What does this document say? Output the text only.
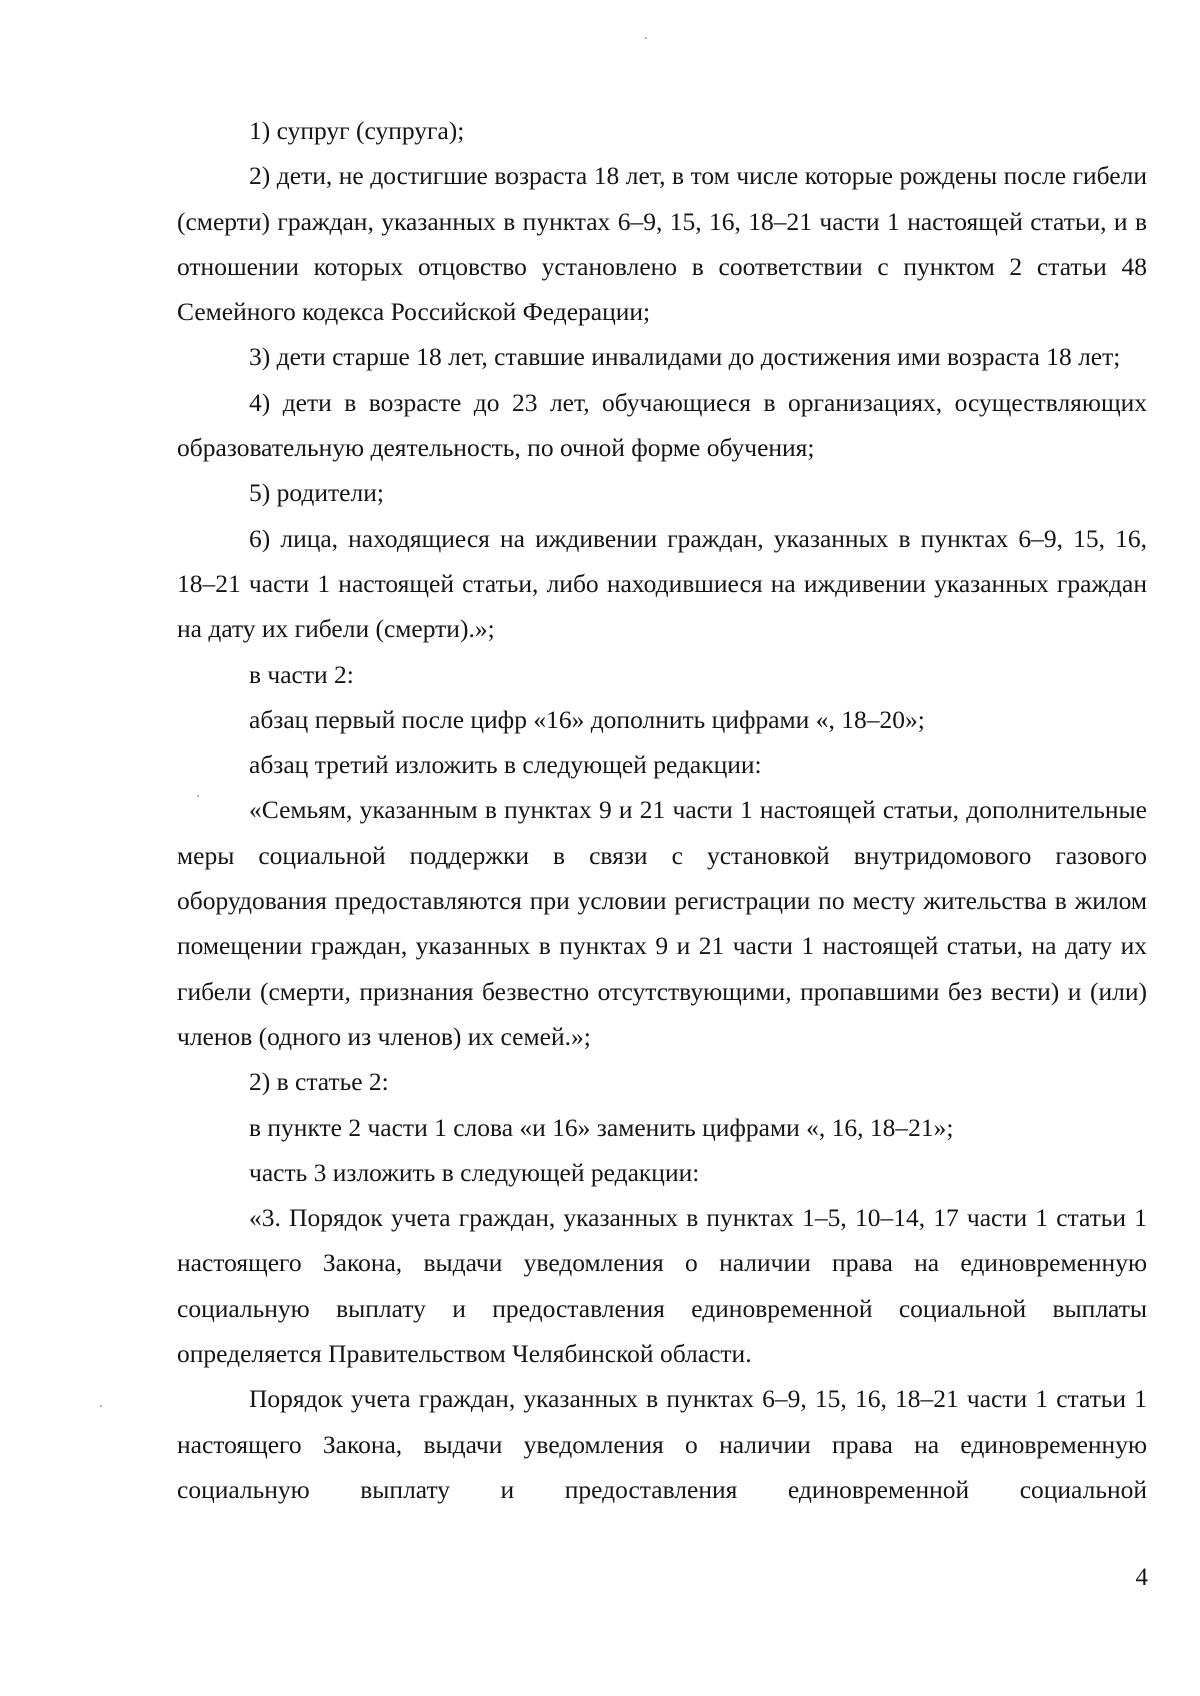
1) супруг (супруга);

2) дети, не достигшие возраста 18 лет, в том числе которые рождены после гибели (смерти) граждан, указанных в пунктах 6–9, 15, 16, 18–21 части 1 настоящей статьи, и в отношении которых отцовство установлено в соответствии с пунктом 2 статьи 48 Семейного кодекса Российской Федерации;

3) дети старше 18 лет, ставшие инвалидами до достижения ими возраста 18 лет;

4) дети в возрасте до 23 лет, обучающиеся в организациях, осуществляющих образовательную деятельность, по очной форме обучения;

5) родители;

6) лица, находящиеся на иждивении граждан, указанных в пунктах 6–9, 15, 16, 18–21 части 1 настоящей статьи, либо находившиеся на иждивении указанных граждан на дату их гибели (смерти).»;

в части 2:

абзац первый после цифр «16» дополнить цифрами «, 18–20»;

абзац третий изложить в следующей редакции:

«Семьям, указанным в пунктах 9 и 21 части 1 настоящей статьи, дополнительные меры социальной поддержки в связи с установкой внутридомового газового оборудования предоставляются при условии регистрации по месту жительства в жилом помещении граждан, указанных в пунктах 9 и 21 части 1 настоящей статьи, на дату их гибели (смерти, признания безвестно отсутствующими, пропавшими без вести) и (или) членов (одного из членов) их семей.»;

2) в статье 2:

в пункте 2 части 1 слова «и 16» заменить цифрами «, 16, 18–21»;

часть 3 изложить в следующей редакции:

«3. Порядок учета граждан, указанных в пунктах 1–5, 10–14, 17 части 1 статьи 1 настоящего Закона, выдачи уведомления о наличии права на единовременную социальную выплату и предоставления единовременной социальной выплаты определяется Правительством Челябинской области.

Порядок учета граждан, указанных в пунктах 6–9, 15, 16, 18–21 части 1 статьи 1 настоящего Закона, выдачи уведомления о наличии права на единовременную социальную выплату и предоставления единовременной социальной

4
